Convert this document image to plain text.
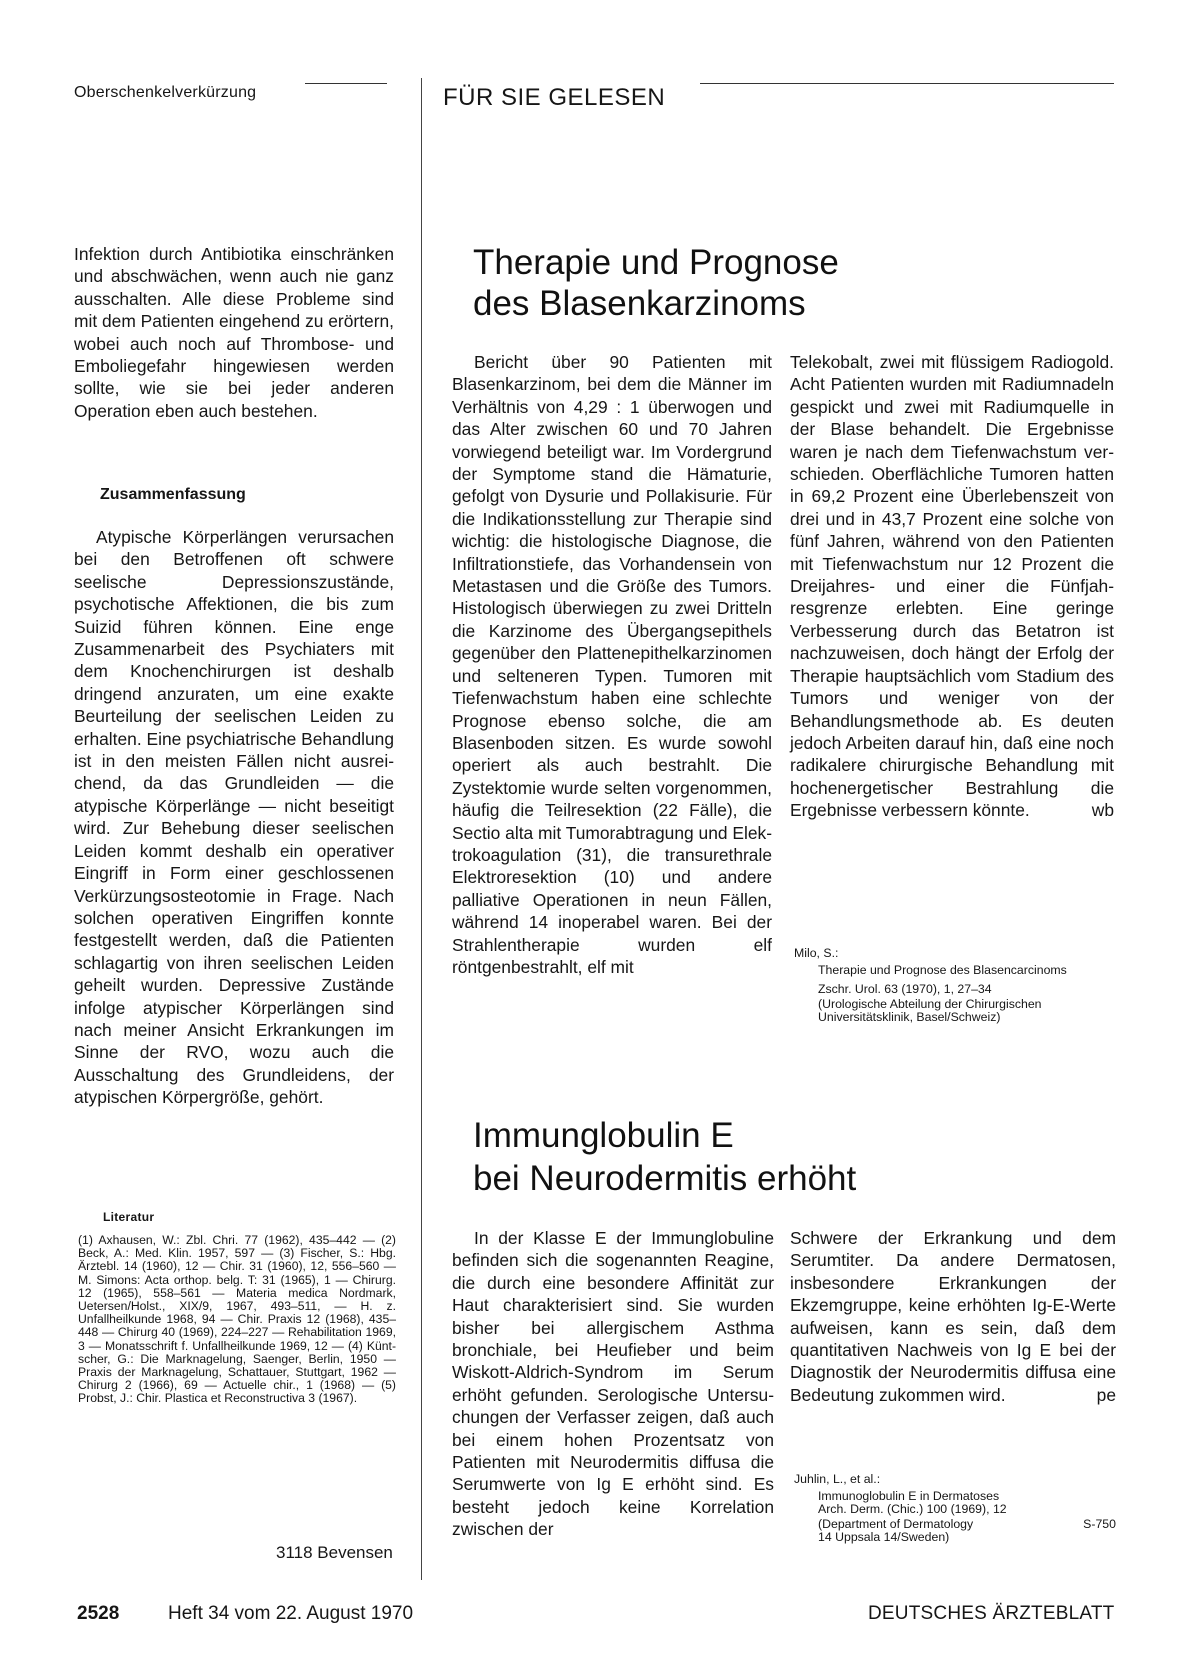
Oberschenkelverkürzung	FÜR SIE GELESEN

Infektion durch Antibiotika einschränken und abschwächen, wenn auch nie ganz ausschalten. Alle diese Probleme sind mit dem Patienten eingehend zu erörtern, wobei auch noch auf Thrombose- und Emboliegefahr hingewiesen werden sollte, wie sie bei jeder anderen Operation eben auch bestehen.

Zusammenfassung

Atypische Körperlängen verursachen bei den Betroffenen oft schwere seelische Depressionszustände, psychotische Affektionen, die bis zum Suizid führen können. Eine enge Zusammenarbeit des Psychiaters mit dem Knochenchirurgen ist deshalb dringend anzuraten, um eine exakte Beurteilung der seelischen Leiden zu erhalten. Eine psychiatrische Behandlung ist in den meisten Fällen nicht ausreichend, da das Grundleiden — die atypische Körperlänge — nicht beseitigt wird. Zur Behebung dieser seelischen Leiden kommt deshalb ein operativer Eingriff in Form einer geschlossenen Verkürzungsosteotomie in Frage. Nach solchen operativen Eingriffen konnte festgestellt werden, daß die Patienten schlagartig von ihren seelischen Leiden geheilt wurden. Depressive Zustände infolge atypischer Körperlängen sind nach meiner Ansicht Erkrankungen im Sinne der RVO, wozu auch die Ausschaltung des Grundleidens, der atypischen Körpergröße, gehört.

Literatur
(1) Axhausen, W.: Zbl. Chri. 77 (1962), 435–442 — (2) Beck, A.: Med. Klin. 1957, 597 — (3) Fischer, S.: Hbg. Ärztebl. 14 (1960), 12 — Chir. 31 (1960), 12, 556–560 — M. Simons: Acta orthop. belg. T: 31 (1965), 1 — Chirurg. 12 (1965), 558–561 — Materia medica Nordmark, Uetersen/Holst., XIX/9, 1967, 493–511, — H. z. Unfallheilkunde 1968, 94 — Chir. Praxis 12 (1968), 435–448 — Chirurg 40 (1969), 224–227 — Rehabilitation 1969, 3 — Monatsschrift f. Unfallheilkunde 1969, 12 — (4) Küntscher, G.: Die Marknagelung, Saenger, Berlin, 1950 — Praxis der Marknagelung, Schattauer, Stuttgart, 1962 — Chirurg 2 (1966), 69 — Actuelle chir., 1 (1968) — (5) Probst, J.: Chir. Plastica et Reconstructiva 3 (1967).
3118 Bevensen
Therapie und Prognose
des Blasenkarzinoms

Bericht über 90 Patienten mit Blasenkarzinom, bei dem die Männer im Verhältnis von 4,29 : 1 überwogen und das Alter zwischen 60 und 70 Jahren vorwiegend beteiligt war. Im Vordergrund der Symptome stand die Hämaturie, gefolgt von Dysurie und Pollakisurie. Für die Indikationsstellung zur Therapie sind wichtig: die histologische Diagnose, die Infiltrationstiefe, das Vorhandensein von Metastasen und die Größe des Tumors. Histologisch überwiegen zu zwei Dritteln die Karzinome des Übergangsepithels gegenüber den Plattenepithelkarzinomen und selteneren Typen. Tumoren mit Tiefenwachstum haben eine schlechte Prognose ebenso solche, die am Blasenboden sitzen. Es wurde sowohl operiert als auch bestrahlt. Die Zystektomie wurde selten vorgenommen, häufig die Teilresektion (22 Fälle), die Sectio alta mit Tumorabtragung und Elektrokoagulation (31), die transurethrale Elektroresektion (10) und andere palliative Operationen in neun Fällen, während 14 inoperabel waren. Bei der Strahlentherapie wurden elf röntgenbestrahlt, elf mit

Telekobalt, zwei mit flüssigem Radiogold. Acht Patienten wurden mit Radiumnadeln gespickt und zwei mit Radiumquelle in der Blase behandelt. Die Ergebnisse waren je nach dem Tiefenwachstum verschieden. Oberflächliche Tumoren hatten in 69,2 Prozent eine Überlebenszeit von drei und in 43,7 Prozent eine solche von fünf Jahren, während von den Patienten mit Tiefenwachstum nur 12 Prozent die Dreijahres- und einer die Fünfjahresgrenze erlebten. Eine geringe Verbesserung durch das Betatron ist nachzuweisen, doch hängt der Erfolg der Therapie hauptsächlich vom Stadium des Tumors und weniger von der Behandlungsmethode ab. Es deuten jedoch Arbeiten darauf hin, daß eine noch radikalere chirurgische Behandlung mit hochenergetischer Bestrahlung die Ergebnisse verbessern könnte.	wb

Milo, S.:

Therapie und Prognose des Blasencarcinoms

Zschr. Urol. 63 (1970), 1, 27–34

(Urologische Abteilung der Chirurgischen Universitätsklinik, Basel/Schweiz)

Immunglobulin E
bei Neurodermitis erhöht

In der Klasse E der Immunglobuline befinden sich die sogenannten Reagine, die durch eine besondere Affinität zur Haut charakterisiert sind. Sie wurden bisher bei allergischem Asthma bronchiale, bei Heufieber und beim Wiskott-Aldrich-Syndrom im Serum erhöht gefunden. Serologische Untersuchungen der Verfasser zeigen, daß auch bei einem hohen Prozentsatz von Patienten mit Neurodermitis diffusa die Serumwerte von Ig E erhöht sind. Es besteht jedoch keine Korrelation zwischen der

Schwere der Erkrankung und dem Serumtiter. Da andere Dermatosen, insbesondere Erkrankungen der Ekzemgruppe, keine erhöhten Ig-E-Werte aufweisen, kann es sein, daß dem quantitativen Nachweis von Ig E bei der Diagnostik der Neurodermitis diffusa eine Bedeutung zukommen wird.	pe

Juhlin, L., et al.:

Immunoglobulin E in Dermatoses

Arch. Derm. (Chic.) 100 (1969), 12

(Department of Dermatology	S-750

14 Uppsala 14/Sweden)

2528	Heft 34 vom 22. August 1970	DEUTSCHES ÄRZTEBLATT
